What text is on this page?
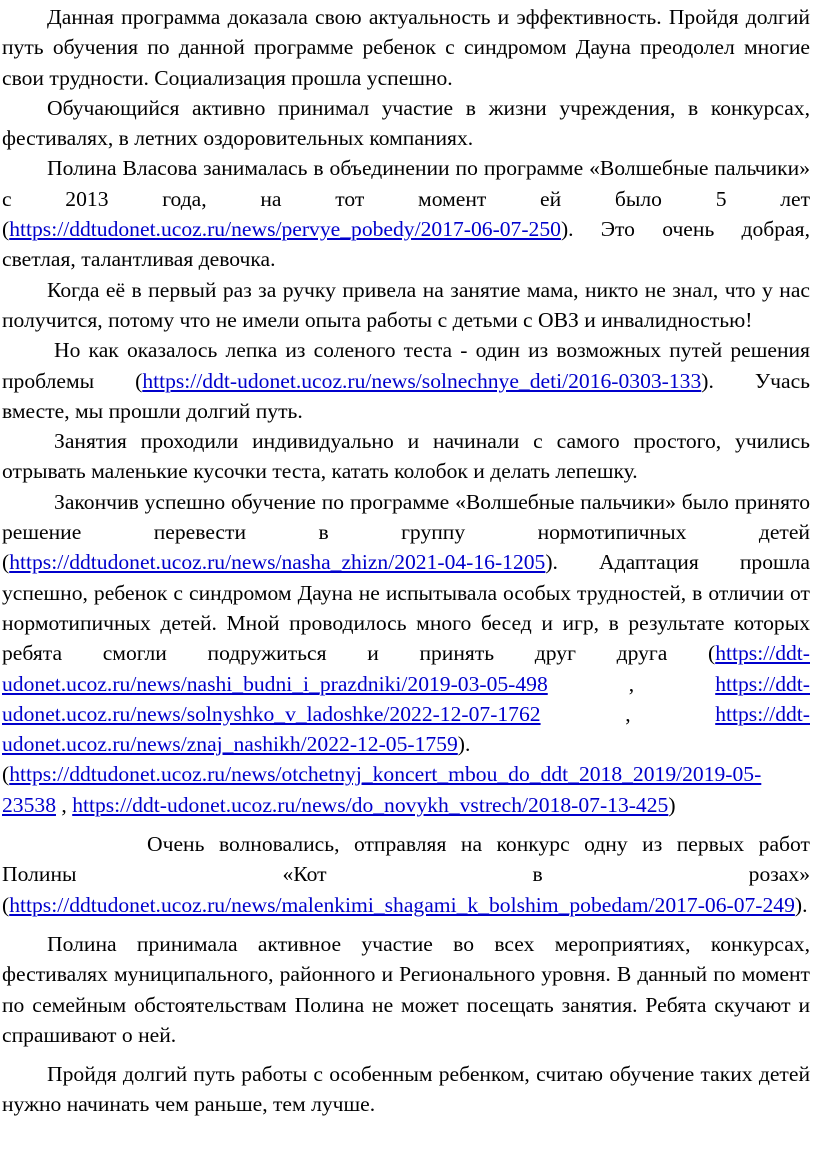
Данная программа доказала свою актуальность и эффективность. Пройдя долгий путь обучения по данной программе ребенок с синдромом Дауна преодолел многие свои трудности. Социализация прошла успешно.

Обучающийся активно принимал участие в жизни учреждения, в конкурсах, фестивалях, в летних оздоровительных компаниях.

Полина Власова занималась в объединении по программе «Волшебные пальчики» с 2013 года, на тот момент ей было 5 лет (https://ddtudonet.ucoz.ru/news/pervye_pobedy/2017-06-07-250). Это очень добрая, светлая, талантливая девочка.

Когда её в первый раз за ручку привела на занятие мама, никто не знал, что у нас получится, потому что не имели опыта работы с детьми с ОВЗ и инвалидностью!

Но как оказалось лепка из соленого теста - один из возможных путей решения проблемы (https://ddt-udonet.ucoz.ru/news/solnechnye_deti/2016-0303-133). Учась вместе, мы прошли долгий путь.

Занятия проходили индивидуально и начинали с самого простого, учились отрывать маленькие кусочки теста, катать колобок и делать лепешку.

Закончив успешно обучение по программе «Волшебные пальчики» было принято решение перевести в группу нормотипичных детей (https://ddtudonet.ucoz.ru/news/nasha_zhizn/2021-04-16-1205). Адаптация прошла успешно, ребенок с синдромом Дауна не испытывала особых трудностей, в отличии от нормотипичных детей. Мной проводилось много бесед и игр, в результате которых ребята смогли подружиться и принять друг друга (https://ddt-udonet.ucoz.ru/news/nashi_budni_i_prazdniki/2019-03-05-498 , https://ddt-udonet.ucoz.ru/news/solnyshko_v_ladoshke/2022-12-07-1762 , https://ddt-udonet.ucoz.ru/news/znaj_nashikh/2022-12-05-1759). (https://ddtudonet.ucoz.ru/news/otchetnyj_koncert_mbou_do_ddt_2018_2019/2019-05-23538 , https://ddt-udonet.ucoz.ru/news/do_novykh_vstrech/2018-07-13-425)

Очень волновались, отправляя на конкурс одну из первых работ Полины «Кот в розах» (https://ddtudonet.ucoz.ru/news/malenkimi_shagami_k_bolshim_pobedam/2017-06-07-249).

Полина принимала активное участие во всех мероприятиях, конкурсах, фестивалях муниципального, районного и Регионального уровня. В данный по момент по семейным обстоятельствам Полина не может посещать занятия. Ребята скучают и спрашивают о ней.

Пройдя долгий путь работы с особенным ребенком, считаю обучение таких детей нужно начинать чем раньше, тем лучше.
